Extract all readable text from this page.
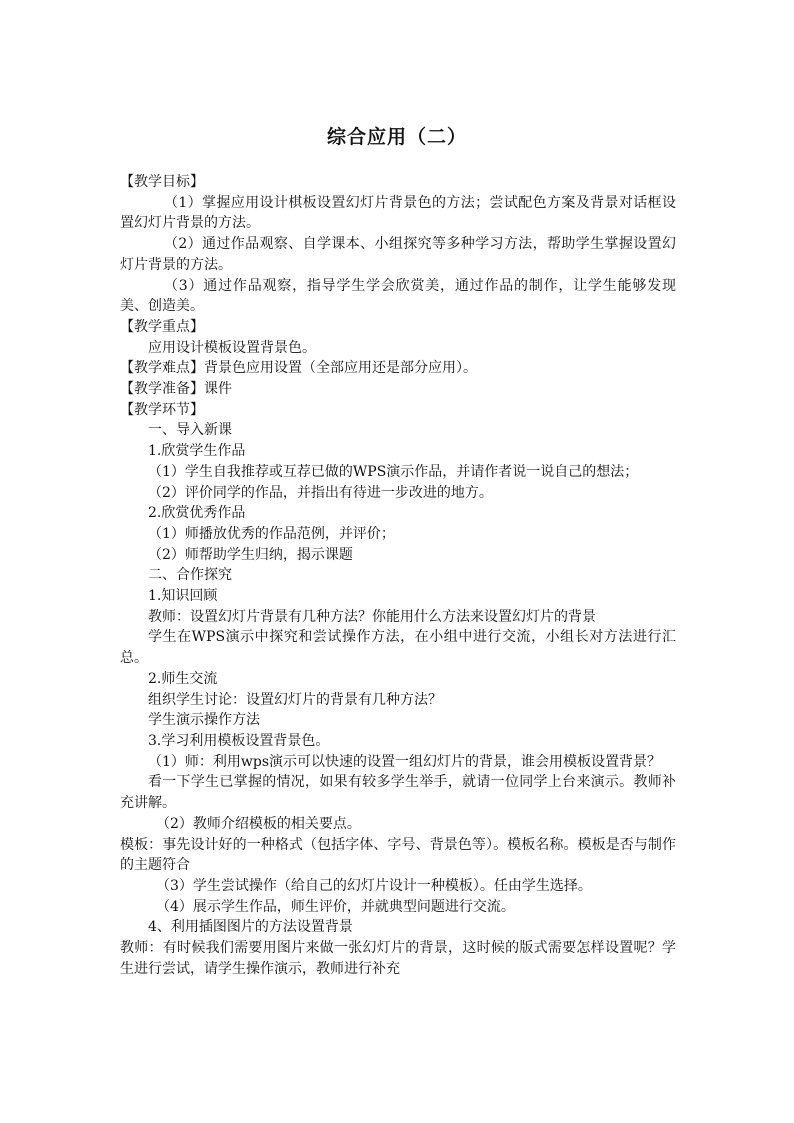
综合应用（二）

【教学目标】

（1）掌握应用设计棋板设置幻灯片背景色的方法；尝试配色方案及背景对话框设置幻灯片背景的方法。

（2）通过作品观察、自学课本、小组探究等多种学习方法，帮助学生掌握设置幻灯片背景的方法。

（3）通过作品观察，指导学生学会欣赏美，通过作品的制作，让学生能够发现美、创造美。

【教学重点】

应用设计模板设置背景色。

【教学难点】背景色应用设置（全部应用还是部分应用）。

【教学准备】课件

【教学环节】

一、导入新课

1.欣赏学生作品

（1）学生自我推荐或互荐已做的WPS演示作品，并请作者说一说自己的想法；

（2）评价同学的作品，并指出有待进一步改进的地方。

2.欣赏优秀作品

（1）师播放优秀的作品范例，并评价；

（2）师帮助学生归纳，揭示课题

二、合作探究

1.知识回顾

教师：设置幻灯片背景有几种方法？你能用什么方法来设置幻灯片的背景

学生在WPS演示中探究和尝试操作方法，在小组中进行交流，小组长对方法进行汇总。

2.师生交流

组织学生讨论：设置幻灯片的背景有几种方法？

学生演示操作方法

3.学习利用模板设置背景色。

（1）师：利用wps演示可以快速的设置一组幻灯片的背景，谁会用模板设置背景？

看一下学生已掌握的情况，如果有较多学生举手，就请一位同学上台来演示。教师补充讲解。

（2）教师介绍模板的相关要点。

模板：事先设计好的一种格式（包括字体、字号、背景色等）。模板名称。模板是否与制作的主题符合

（3）学生尝试操作（给自己的幻灯片设计一种模板）。任由学生选择。

（4）展示学生作品，师生评价，并就典型问题进行交流。

4、利用插图图片的方法设置背景

教师：有时候我们需要用图片来做一张幻灯片的背景，这时候的版式需要怎样设置呢？学生进行尝试，请学生操作演示，教师进行补充
